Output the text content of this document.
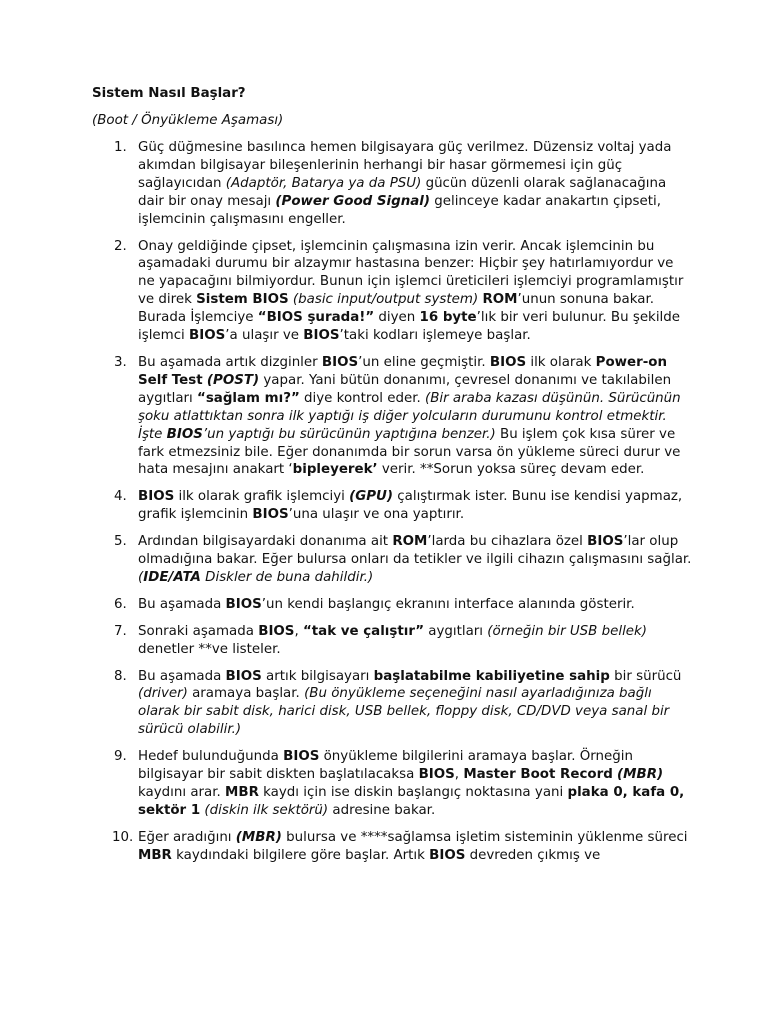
Sistem Nasıl Başlar?
(Boot / Önyükleme Aşaması)
1. Güç düğmesine basılınca hemen bilgisayara güç verilmez. Düzensiz voltaj yada akımdan bilgisayar bileşenlerinin herhangi bir hasar görmemesi için güç sağlayıcıdan (Adaptör, Batarya ya da PSU) gücün düzenli olarak sağlanacağına dair bir onay mesajı (Power Good Signal) gelinceye kadar anakartın çipseti, işlemcinin çalışmasını engeller.
2. Onay geldiğinde çipset, işlemcinin çalışmasına izin verir. Ancak işlemcinin bu aşamadaki durumu bir alzaymır hastasına benzer: Hiçbir şey hatırlamıyordur ve ne yapacağını bilmiyordur. Bunun için işlemci üreticileri işlemciyi programlamıştır ve direk Sistem BIOS (basic input/output system) ROM’unun sonuna bakar. Burada İşlemciye “BIOS şurada!” diyen 16 byte’lık bir veri bulunur. Bu şekilde işlemci BIOS’a ulaşır ve BIOS’taki kodları işlemeye başlar.
3. Bu aşamada artık dizginler BIOS’un eline geçmiştir. BIOS ilk olarak Power-on Self Test (POST) yapar. Yani bütün donanımı, çevresel donanımı ve takılabilen aygıtları “sağlam mı?” diye kontrol eder. (Bir araba kazası düşünün. Sürücünün şoku atlattıktan sonra ilk yaptığı iş diğer yolcuların durumunu kontrol etmektir. İşte BIOS’un yaptığı bu sürücünün yaptığına benzer.) Bu işlem çok kısa sürer ve fark etmezsiniz bile. Eğer donanımda bir sorun varsa ön yükleme süreci durur ve hata mesajını anakart ‘bipleyerek’ verir. **Sorun yoksa süreç devam eder.
4. BIOS ilk olarak grafik işlemciyi (GPU) çalıştırmak ister. Bunu ise kendisi yapmaz, grafik işlemcinin BIOS’una ulaşır ve ona yaptırır.
5. Ardından bilgisayardaki donanıma ait ROM’larda bu cihazlara özel BIOS’lar olup olmadığına bakar. Eğer bulursa onları da tetikler ve ilgili cihazın çalışmasını sağlar. (IDE/ATA Diskler de buna dahildir.)
6. Bu aşamada BIOS’un kendi başlangıç ekranını interface alanında gösterir.
7. Sonraki aşamada BIOS, “tak ve çalıştır” aygıtları (örneğin bir USB bellek) denetler **ve listeler.
8. Bu aşamada BIOS artık bilgisayarı başlatabilme kabiliyetine sahip bir sürücü (driver) aramaya başlar. (Bu önyükleme seçeneğini nasıl ayarladığınıza bağlı olarak bir sabit disk, harici disk, USB bellek, floppy disk, CD/DVD veya sanal bir sürücü olabilir.)
9. Hedef bulunduğunda BIOS önyükleme bilgilerini aramaya başlar. Örneğin bilgisayar bir sabit diskten başlatılacaksa BIOS, Master Boot Record (MBR) kaydını arar. MBR kaydı için ise diskin başlangıç noktasına yani plaka 0, kafa 0, sektör 1 (diskin ilk sektörü) adresine bakar.
10. Eğer aradığını (MBR) bulursa ve ****sağlamsa işletim sisteminin yüklenme süreci MBR kaydındaki bilgilere göre başlar. Artık BIOS devreden çıkmış ve
